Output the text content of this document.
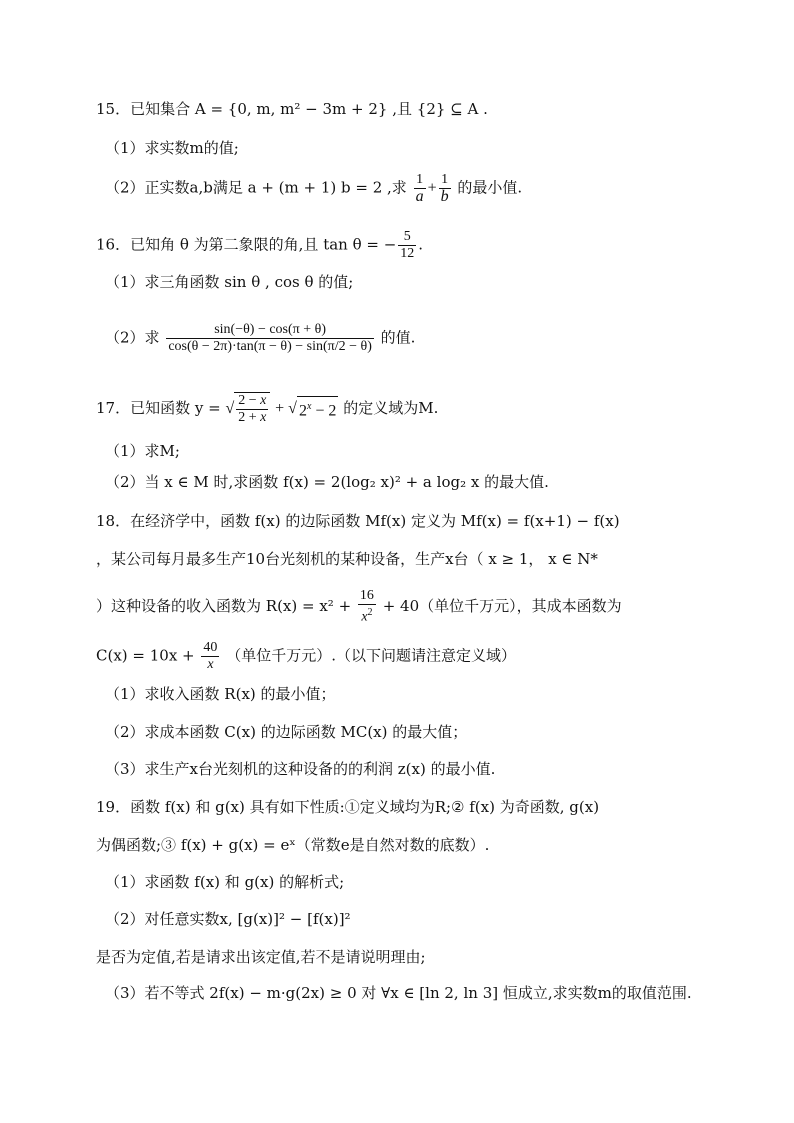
15．已知集合 A = {0, m, m² − 3m + 2} ,且 {2} ⊆ A .
（1）求实数m的值;
（2）正实数a,b满足 a + (m + 1) b = 2 ,求 $\frac{1}{a} + \frac{1}{b}$ 的最小值.
16．已知角 θ 为第二象限的角,且 tan θ = − $\frac{5}{12}$ .
（1）求三角函数 sin θ , cos θ 的值;
（2）求 $\frac{\sin(-\theta) - \cos(\pi + \theta)}{\cos(\theta - 2\pi)\cdot\tan(\pi - \theta) - \sin(\pi/2 - \theta)}$ 的值.
17．已知函数 y = √ $\frac{2 - x}{2 + x}$ + √ $2^x - 2$ 的定义域为M.
（1）求M;
（2）当 x ∈ M 时,求函数 f(x) = 2(log₂ x)² + a log₂ x 的最大值.
18．在经济学中，函数 f(x) 的边际函数 Mf(x) 定义为 Mf(x) = f(x+1) − f(x)
，某公司每月最多生产10台光刻机的某种设备，生产x台（ x ≥ 1， x ∈ N*
）这种设备的收入函数为 $R(x) = x^2 + \frac{16}{x^2} + 40$（单位千万元），其成本函数为
$C(x) = 10x + \frac{40}{x}$ （单位千万元）.（以下问题请注意定义域）
（1）求收入函数 R(x) 的最小值；
（2）求成本函数 C(x) 的边际函数 MC(x) 的最大值；
（3）求生产x台光刻机的这种设备的的利润 z(x) 的最小值.
19．函数 f(x) 和 g(x) 具有如下性质:①定义域均为R;② f(x) 为奇函数, g(x)
为偶函数;③ f(x) + g(x) = eˣ（常数e是自然对数的底数）.
（1）求函数 f(x) 和 g(x) 的解析式;
（2）对任意实数x, [g(x)]² − [f(x)]²
是否为定值,若是请求出该定值,若不是请说明理由;
（3）若不等式 2f(x) − m·g(2x) ≥ 0 对 ∀x ∈ [ln 2, ln 3] 恒成立,求实数m的取值范围.
